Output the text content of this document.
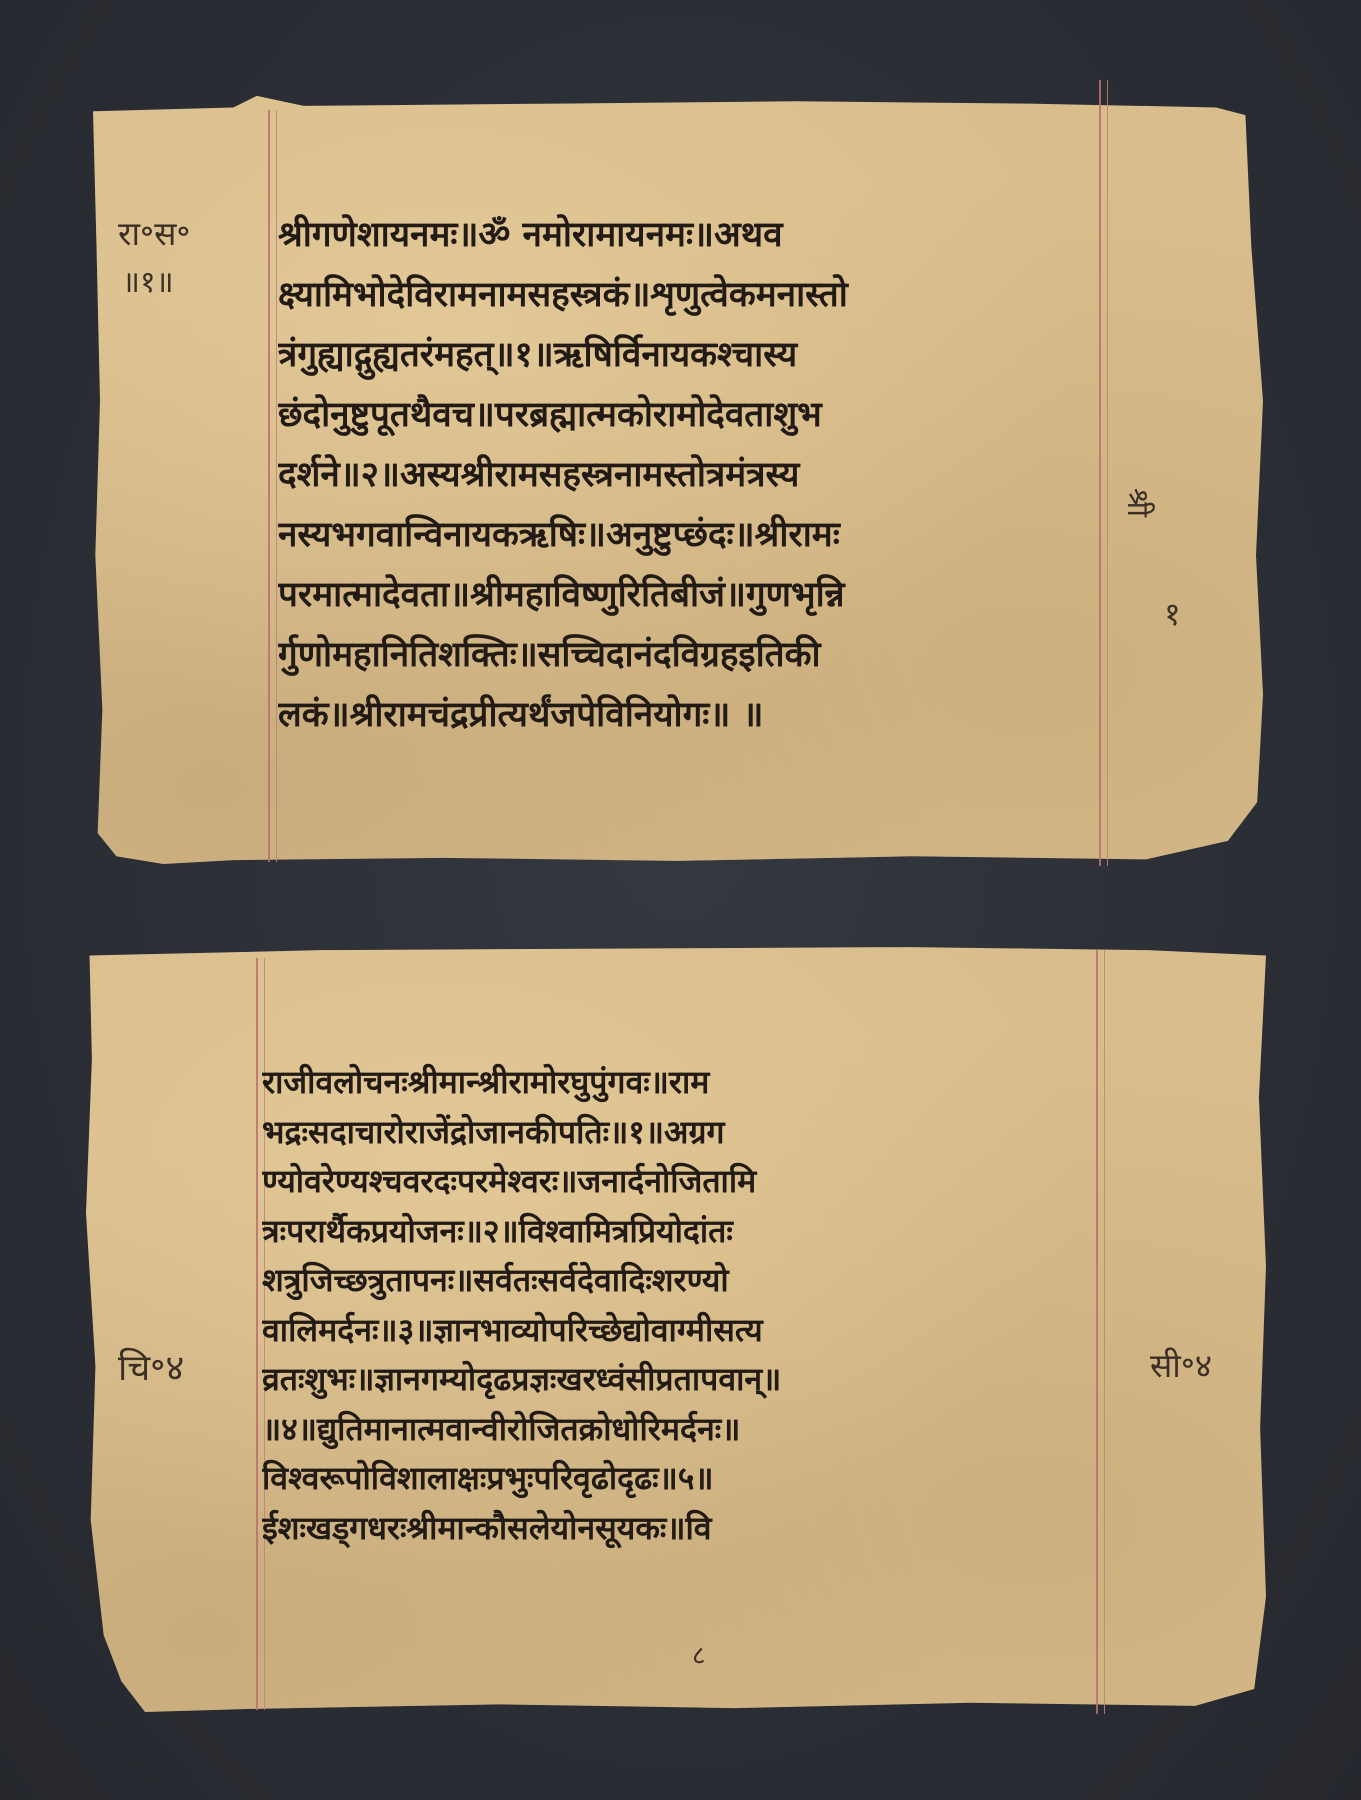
रा॰स॰
॥१॥
श्री
१
श्रीगणेशायनमः॥ॐ नमोरामायनमः॥अथव
क्ष्यामिभोदेविरामनामसहस्त्रकं॥शृणुत्वेकमनास्तो
त्रंगुह्याद्गुह्यतरंमहत्॥१॥ऋषिर्विनायकश्चास्य
छंदोनुष्टुपूतथैवच॥परब्रह्मात्मकोरामोदेवताशुभ
दर्शने॥२॥अस्यश्रीरामसहस्त्रनामस्तोत्रमंत्रस्य
नस्यभगवान्विनायकऋषिः॥अनुष्टुप्छंदः॥श्रीरामः
परमात्मादेवता॥श्रीमहाविष्णुरितिबीजं॥गुणभृन्नि
र्गुणोमहानितिशक्तिः॥सच्चिदानंदविग्रहइतिकी
लकं॥श्रीरामचंद्रप्रीत्यर्थंजपेविनियोगः॥ ॥
चि॰४	सी॰४
८
राजीवलोचनःश्रीमान्श्रीरामोरघुपुंगवः॥राम
भद्रःसदाचारोराजेंद्रोजानकीपतिः॥१॥अग्रग
ण्योवरेण्यश्चवरदःपरमेश्वरः॥जनार्दनोजितामि
त्रःपरार्थैकप्रयोजनः॥२॥विश्वामित्रप्रियोदांतः
शत्रुजिच्छत्रुतापनः॥सर्वतःसर्वदेवादिःशरण्यो
वालिमर्दनः॥३॥ज्ञानभाव्योपरिच्छेद्योवाग्मीसत्य
व्रतःशुभः॥ज्ञानगम्योदृढप्रज्ञःखरध्वंसीप्रतापवान्॥
॥४॥द्युतिमानात्मवान्वीरोजितक्रोधोरिमर्दनः॥
विश्वरूपोविशालाक्षःप्रभुःपरिवृढोदृढः॥५॥
ईशःखड्गधरःश्रीमान्कौसलेयोनसूयकः॥वि
